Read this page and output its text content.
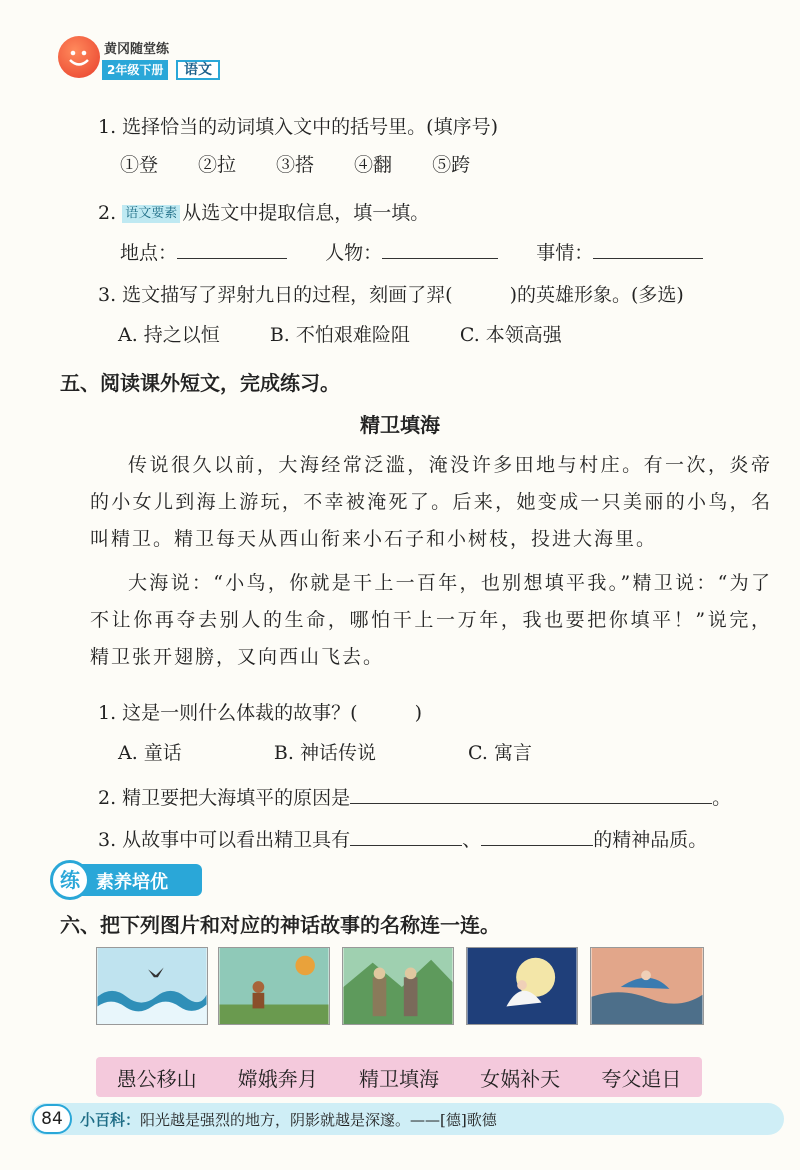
黄冈随堂练
2年级下册	语文
1. 选择恰当的动词填入文中的括号里。(填序号)
①登 ②拉 ③搭 ④翻 ⑤跨
2. 语文要素 从选文中提取信息，填一填。
地点：	人物：	事情：
3. 选文描写了羿射九日的过程，刻画了羿(　　　)的英雄形象。(多选)
A. 持之以恒	B. 不怕艰难险阻	C. 本领高强
五、阅读课外短文，完成练习。
精卫填海
传说很久以前，大海经常泛滥，淹没许多田地与村庄。有一次，炎帝的小女儿到海上游玩，不幸被淹死了。后来，她变成一只美丽的小鸟，名叫精卫。精卫每天从西山衔来小石子和小树枝，投进大海里。
大海说：“小鸟，你就是干上一百年，也别想填平我。”精卫说：“为了不让你再夺去别人的生命，哪怕干上一万年，我也要把你填平！”说完，精卫张开翅膀，又向西山飞去。
1. 这是一则什么体裁的故事？(　　　)
A. 童话	B. 神话传说	C. 寓言
2. 精卫要把大海填平的原因是	。
3. 从故事中可以看出精卫具有	、	的精神品质。
练 素养培优
六、把下列图片和对应的神话故事的名称连一连。
愚公移山 嫦娥奔月 精卫填海 女娲补天 夸父追日
84	小百科：阳光越是强烈的地方，阴影就越是深邃。——[德]歌德
